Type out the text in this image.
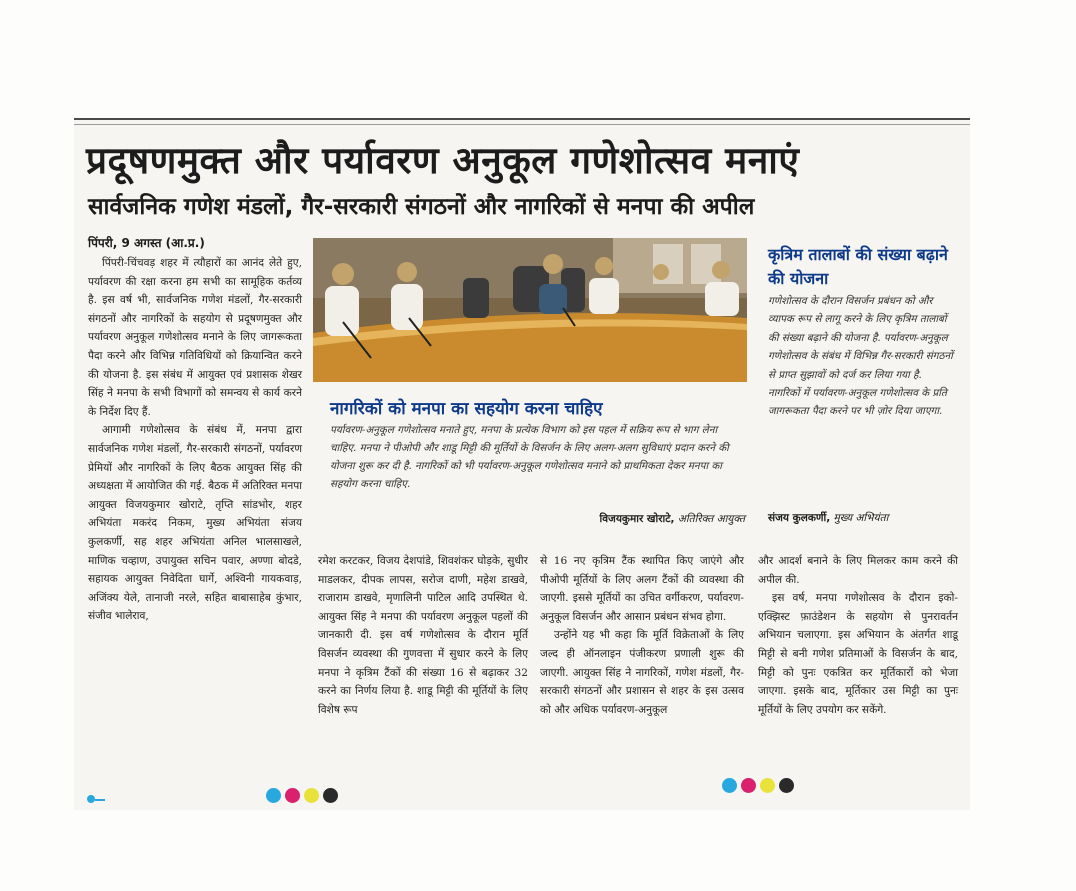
प्रदूषणमुक्त और पर्यावरण अनुकूल गणेशोत्सव मनाएं
सार्वजनिक गणेश मंडलों, गैर-सरकारी संगठनों और नागरिकों से मनपा की अपील
पिंपरी, 9 अगस्त (आ.प्र.)

पिंपरी-चिंचवड़ शहर में त्यौहारों का आनंद लेते हुए, पर्यावरण की रक्षा करना हम सभी का सामूहिक कर्तव्य है. इस वर्ष भी, सार्वजनिक गणेश मंडलों, गैर-सरकारी संगठनों और नागरिकों के सहयोग से प्रदूषणमुक्त और पर्यावरण अनुकूल गणेशोत्सव मनाने के लिए जागरूकता पैदा करने और विभिन्न गतिविधियों को क्रियान्वित करने की योजना है. इस संबंध में आयुक्त एवं प्रशासक शेखर सिंह ने मनपा के सभी विभागों को समन्वय से कार्य करने के निर्देश दिए हैं.

आगामी गणेशोत्सव के संबंध में, मनपा द्वारा सार्वजनिक गणेश मंडलों, गैर-सरकारी संगठनों, पर्यावरण प्रेमियों और नागरिकों के लिए बैठक आयुक्त सिंह की अध्यक्षता में आयोजित की गई. बैठक में अतिरिक्त मनपा आयुक्त विजयकुमार खोराटे, तृप्ति सांडभोर, शहर अभियंता मकरंद निकम, मुख्य अभियंता संजय कुलकर्णी, सह शहर अभियंता अनिल भालसाखले, माणिक चव्हाण, उपायुक्त सचिन पवार, अण्णा बोदडे, सहायक आयुक्त निवेदिता घार्गे, अश्विनी गायकवाड़, अजिंक्य येले, तानाजी नरले, सहित बाबासाहेब कुंभार, संजीव भालेराव,

नागरिकों को मनपा का सहयोग करना चाहिए
पर्यावरण-अनुकूल गणेशोत्सव मनाते हुए, मनपा के प्रत्येक विभाग को इस पहल में सक्रिय रूप से भाग लेना चाहिए. मनपा ने पीओपी और शाडू मिट्टी की मूर्तियों के विसर्जन के लिए अलग-अलग सुविधाएं प्रदान करने की योजना शुरू कर दी है. नागरिकों को भी पर्यावरण-अनुकूल गणेशोत्सव मनाने को प्राथमिकता देकर मनपा का सहयोग करना चाहिए.
विजयकुमार खोराटे, अतिरिक्त आयुक्त
कृत्रिम तालाबों की संख्या बढ़ाने की योजना
गणेशोत्सव के दौरान विसर्जन प्रबंधन को और व्यापक रूप से लागू करने के लिए कृत्रिम तालाबों की संख्या बढ़ाने की योजना है. पर्यावरण-अनुकूल गणेशोत्सव के संबंध में विभिन्न गैर-सरकारी संगठनों से प्राप्त सुझावों को दर्ज कर लिया गया है. नागरिकों में पर्यावरण-अनुकूल गणेशोत्सव के प्रति जागरूकता पैदा करने पर भी ज़ोर दिया जाएगा.
संजय कुलकर्णी, मुख्य अभियंता

रमेश करटकर, विजय देशपांडे, शिवशंकर घोड़के, सुधीर माडलकर, दीपक लापस, सरोज दाणी, महेश डाखवे, राजाराम डाखवे, मृणालिनी पाटिल आदि उपस्थित थे. आयुक्त सिंह ने मनपा की पर्यावरण अनुकूल पहलों की जानकारी दी. इस वर्ष गणेशोत्सव के दौरान मूर्ति विसर्जन व्यवस्था की गुणवत्ता में सुधार करने के लिए मनपा ने कृत्रिम टैंकों की संख्या 16 से बढ़ाकर 32 करने का निर्णय लिया है. शाडू मिट्टी की मूर्तियों के लिए विशेष रूप

से 16 नए कृत्रिम टैंक स्थापित किए जाएंगे और पीओपी मूर्तियों के लिए अलग टैंकों की व्यवस्था की जाएगी. इससे मूर्तियों का उचित वर्गीकरण, पर्यावरण-अनुकूल विसर्जन और आसान प्रबंधन संभव होगा.

उन्होंने यह भी कहा कि मूर्ति विक्रेताओं के लिए जल्द ही ऑनलाइन पंजीकरण प्रणाली शुरू की जाएगी. आयुक्त सिंह ने नागरिकों, गणेश मंडलों, गैर-सरकारी संगठनों और प्रशासन से शहर के इस उत्सव को और अधिक पर्यावरण-अनुकूल

और आदर्श बनाने के लिए मिलकर काम करने की अपील की.

इस वर्ष, मनपा गणेशोत्सव के दौरान इको-एक्झिस्ट फ़ाउंडेशन के सहयोग से पुनरावर्तन अभियान चलाएगा. इस अभियान के अंतर्गत शाडू मिट्टी से बनी गणेश प्रतिमाओं के विसर्जन के बाद, मिट्टी को पुनः एकत्रित कर मूर्तिकारों को भेजा जाएगा. इसके बाद, मूर्तिकार उस मिट्टी का पुनः मूर्तियों के लिए उपयोग कर सकेंगे.
